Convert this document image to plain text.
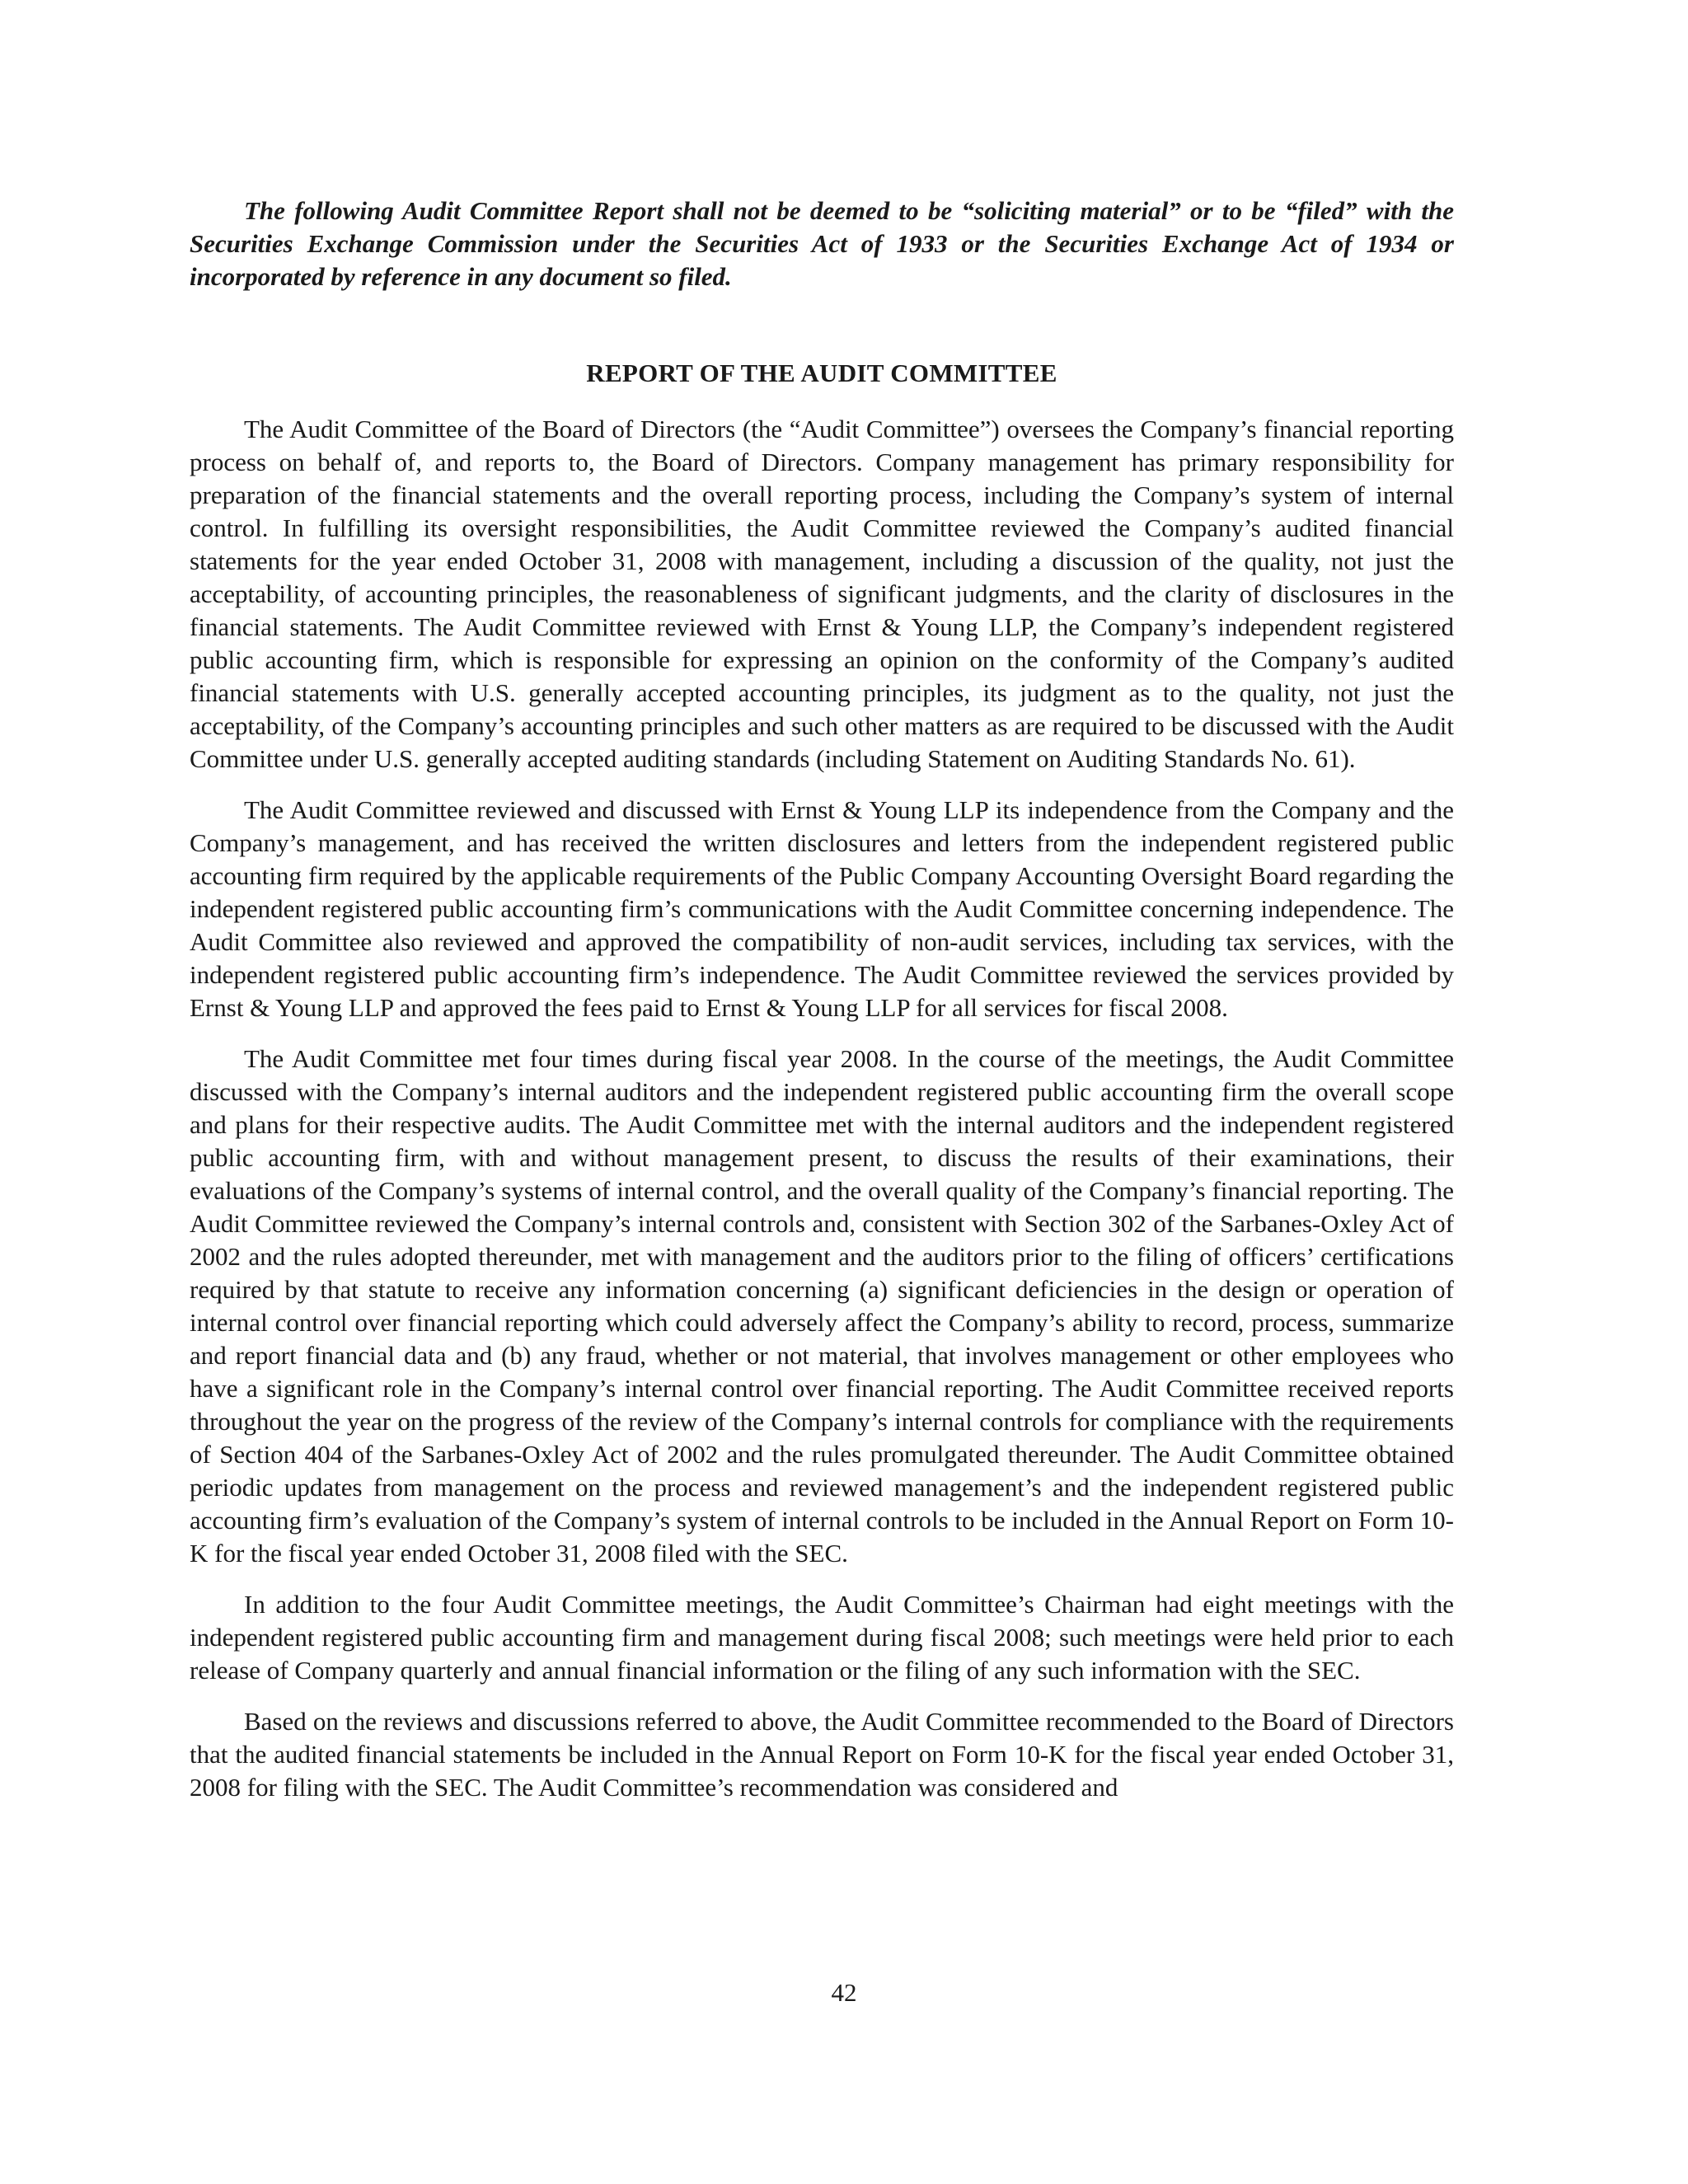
The following Audit Committee Report shall not be deemed to be “soliciting material” or to be “filed” with the Securities Exchange Commission under the Securities Act of 1933 or the Securities Exchange Act of 1934 or incorporated by reference in any document so filed.

REPORT OF THE AUDIT COMMITTEE

The Audit Committee of the Board of Directors (the “Audit Committee”) oversees the Company’s financial reporting process on behalf of, and reports to, the Board of Directors. Company management has primary responsibility for preparation of the financial statements and the overall reporting process, including the Company’s system of internal control. In fulfilling its oversight responsibilities, the Audit Committee reviewed the Company’s audited financial statements for the year ended October 31, 2008 with management, including a discussion of the quality, not just the acceptability, of accounting principles, the reasonableness of significant judgments, and the clarity of disclosures in the financial statements. The Audit Committee reviewed with Ernst & Young LLP, the Company’s independent registered public accounting firm, which is responsible for expressing an opinion on the conformity of the Company’s audited financial statements with U.S. generally accepted accounting principles, its judgment as to the quality, not just the acceptability, of the Company’s accounting principles and such other matters as are required to be discussed with the Audit Committee under U.S. generally accepted auditing standards (including Statement on Auditing Standards No. 61).

The Audit Committee reviewed and discussed with Ernst & Young LLP its independence from the Company and the Company’s management, and has received the written disclosures and letters from the independent registered public accounting firm required by the applicable requirements of the Public Company Accounting Oversight Board regarding the independent registered public accounting firm’s communications with the Audit Committee concerning independence. The Audit Committee also reviewed and approved the compatibility of non-audit services, including tax services, with the independent registered public accounting firm’s independence. The Audit Committee reviewed the services provided by Ernst & Young LLP and approved the fees paid to Ernst & Young LLP for all services for fiscal 2008.

The Audit Committee met four times during fiscal year 2008. In the course of the meetings, the Audit Committee discussed with the Company’s internal auditors and the independent registered public accounting firm the overall scope and plans for their respective audits. The Audit Committee met with the internal auditors and the independent registered public accounting firm, with and without management present, to discuss the results of their examinations, their evaluations of the Company’s systems of internal control, and the overall quality of the Company’s financial reporting. The Audit Committee reviewed the Company’s internal controls and, consistent with Section 302 of the Sarbanes-Oxley Act of 2002 and the rules adopted thereunder, met with management and the auditors prior to the filing of officers’ certifications required by that statute to receive any information concerning (a) significant deficiencies in the design or operation of internal control over financial reporting which could adversely affect the Company’s ability to record, process, summarize and report financial data and (b) any fraud, whether or not material, that involves management or other employees who have a significant role in the Company’s internal control over financial reporting. The Audit Committee received reports throughout the year on the progress of the review of the Company’s internal controls for compliance with the requirements of Section 404 of the Sarbanes-Oxley Act of 2002 and the rules promulgated thereunder. The Audit Committee obtained periodic updates from management on the process and reviewed management’s and the independent registered public accounting firm’s evaluation of the Company’s system of internal controls to be included in the Annual Report on Form 10-K for the fiscal year ended October 31, 2008 filed with the SEC.

In addition to the four Audit Committee meetings, the Audit Committee’s Chairman had eight meetings with the independent registered public accounting firm and management during fiscal 2008; such meetings were held prior to each release of Company quarterly and annual financial information or the filing of any such information with the SEC.

Based on the reviews and discussions referred to above, the Audit Committee recommended to the Board of Directors that the audited financial statements be included in the Annual Report on Form 10-K for the fiscal year ended October 31, 2008 for filing with the SEC. The Audit Committee’s recommendation was considered and

42
